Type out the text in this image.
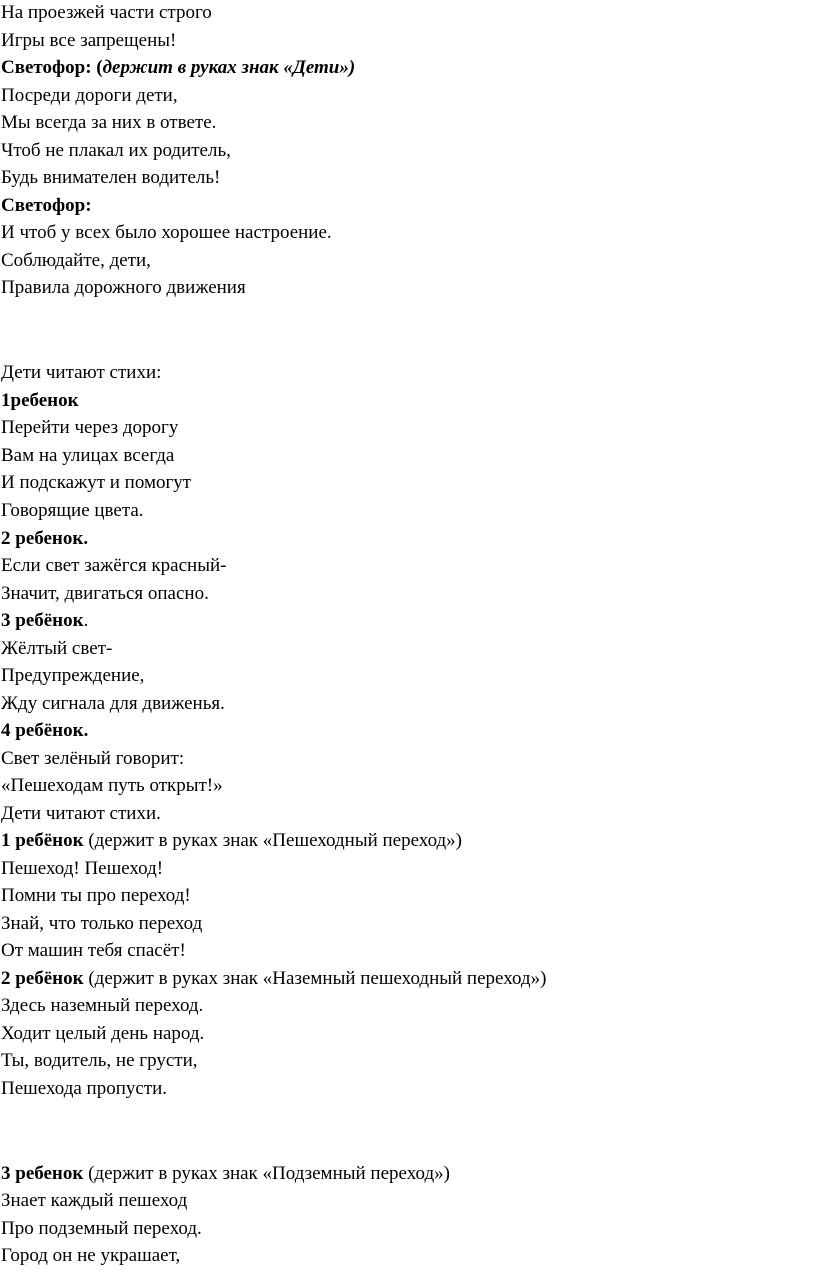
На проезжей части строго
Игры все запрещены!
Светофор: (держит в руках знак «Дети»)
Посреди дороги дети,
Мы всегда за них в ответе.
Чтоб не плакал их родитель,
Будь внимателен водитель!
Светофор:
И чтоб у всех было хорошее настроение.
Соблюдайте, дети,
Правила дорожного движения
Дети читают стихи:
1ребенок
Перейти через дорогу
Вам на улицах всегда
И подскажут и помогут
Говорящие цвета.
2 ребенок.
Если свет зажёгся красный-
Значит, двигаться опасно.
3 ребёнок.
Жёлтый свет-
Предупреждение,
Жду сигнала для движенья.
4 ребёнок.
Свет зелёный говорит:
«Пешеходам путь открыт!»
Дети читают стихи.
1 ребёнок (держит в руках знак «Пешеходный переход»)
Пешеход! Пешеход!
Помни ты про переход!
Знай, что только переход
От машин тебя спасёт!
2 ребёнок (держит в руках знак «Наземный пешеходный переход»)
Здесь наземный переход.
Ходит целый день народ.
Ты, водитель, не грусти,
Пешехода пропусти.
3 ребенок (держит в руках знак «Подземный переход»)
Знает каждый пешеход
Про подземный переход.
Город он не украшает,
